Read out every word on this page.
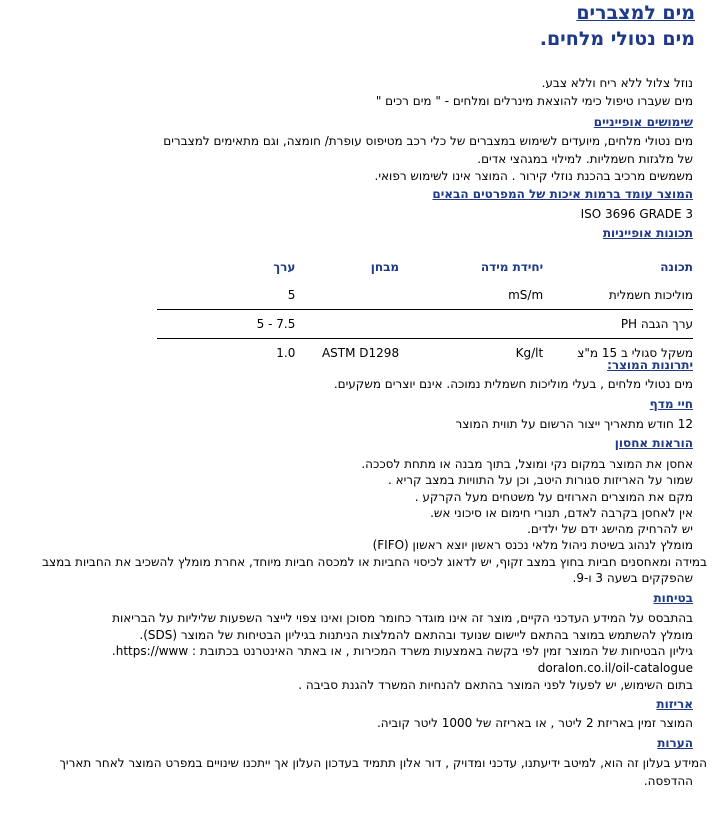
מים למצברים
מים נטולי מלחים.
נוזל צלול ללא ריח וללא צבע.
מים שעברו טיפול כימי להוצאת מינרלים ומלחים - " מים רכים "
שימושים אופייניים
מים נטולי מלחים, מיועדים לשימוש במצברים של כלי רכב מטיפוס עופרת/ חומצה, וגם מתאימים למצברים
של מלגזות חשמליות. למילוי במגהצי אדים.
משמשים מרכיב בהכנת נוזלי קירור . המוצר אינו לשימוש רפואי.
המוצר עומד ברמות איכות של המפרטים הבאים
ISO 3696 GRADE 3
תכונות אופייניות
תכונה	יחידת מידה	מבחן	ערך
מוליכות חשמלית	mS/m		5
ערך הגבה PH			5 - 7.5
משקל סגולי ב 15 מ"צ	Kg/lt	ASTM D1298	1.0
יתרונות המוצר:
מים נטולי מלחים , בעלי מוליכות חשמלית נמוכה. אינם יוצרים משקעים.
חיי מדף
12 חודש מתאריך ייצור הרשום על תווית המוצר
הוראות אחסון
אחסן את המוצר במקום נקי ומוצל, בתוך מבנה או מתחת לסככה.
שמור על האריזות סגורות היטב, וכן על התוויות במצב קריא .
מקם את המוצרים הארוזים על משטחים מעל הקרקע .
אין לאחסן בקרבה לאדם, תנורי חימום או סיכוני אש.
יש להרחיק מהישג ידם של ילדים.
מומלץ לנהוג בשיטת ניהול מלאי נכנס ראשון יוצא ראשון (FIFO)
במידה ומאחסנים חביות בחוץ במצב זקוף, יש לדאוג לכיסוי החביות או למכסה חביות מיוחד, אחרת מומלץ להשכיב את החביות במצב
שהפקקים בשעה 3 ו-9.
בטיחות
בהתבסס על המידע העדכני הקיים, מוצר זה אינו מוגדר כחומר מסוכן ואינו צפוי לייצר השפעות שליליות על הבריאות
מומלץ להשתמש במוצר בהתאם ליישום שנועד ובהתאם להמלצות הניתנות בגיליון הבטיחות של המוצר (SDS).
גיליון הבטיחות של המוצר זמין לפי בקשה באמצעות משרד המכירות , או באתר האינטרנט בכתובת : https://www.
doralon.co.il/oil-catalogue
בתום השימוש, יש לפעול לפני המוצר בהתאם להנחיות המשרד להגנת סביבה .
אריזות
המוצר זמין באריזת 2 ליטר , או באריזה של 1000 ליטר קוביה.
הערות
המידע בעלון זה הוא, למיטב ידיעתנו, עדכני ומדויק , דור אלון תתמיד בעדכון העלון אך ייתכנו שינויים במפרט המוצר לאחר תאריך
ההדפסה.
